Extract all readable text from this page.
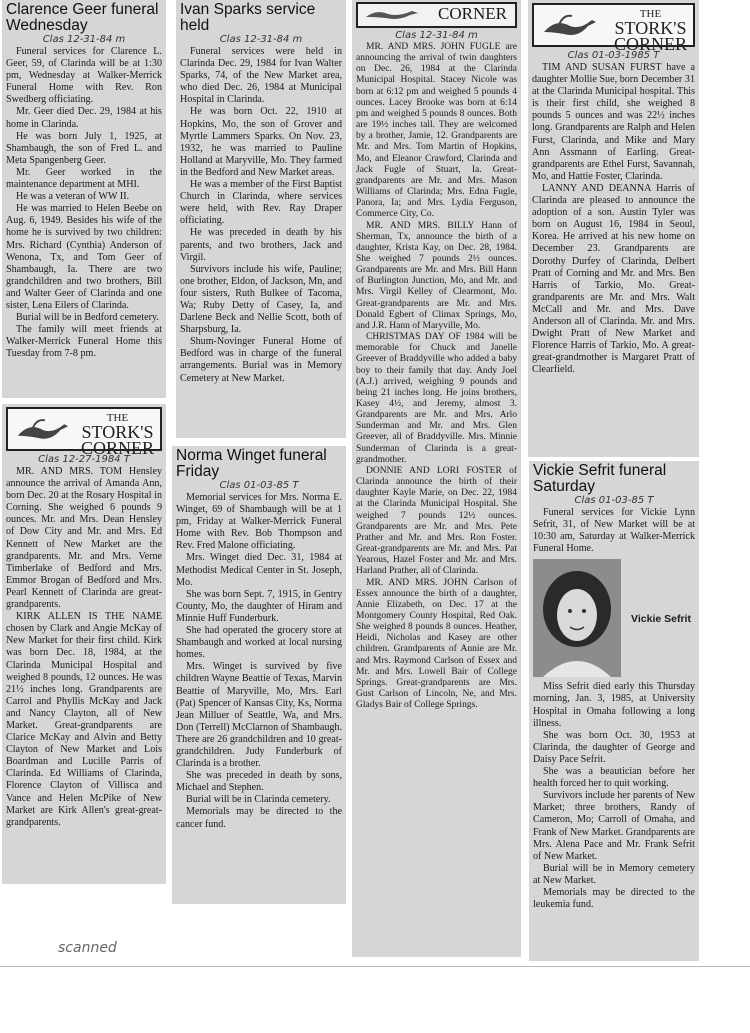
Clarence Geer funeral Wednesday
Clas 12-31-84 m

Funeral services for Clarence L. Geer, 59, of Clarinda will be at 1:30 pm, Wednesday at Walker-Merrick Funeral Home with Rev. Ron Swedberg officiating.

Mr. Geer died Dec. 29, 1984 at his home in Clarinda.

He was born July 1, 1925, at Shambaugh, the son of Fred L. and Meta Spangenberg Geer.

Mr. Geer worked in the maintenance department at MHI.

He was a veteran of WW II.

He was married to Helen Beebe on Aug. 6, 1949. Besides his wife of the home he is survived by two children: Mrs. Richard (Cynthia) Anderson of Wenona, Tx, and Tom Geer of Shambaugh, Ia. There are two grandchildren and two brothers, Bill and Walter Geer of Clarinda and one sister, Lena Eilers of Clarinda.

Burial will be in Bedford cemetery.

The family will meet friends at Walker-Merrick Funeral Home this Tuesday from 7-8 pm.

Ivan Sparks service held
Clas 12-31-84 m

Funeral services were held in Clarinda Dec. 29, 1984 for Ivan Walter Sparks, 74, of the New Market area, who died Dec. 26, 1984 at Municipal Hospital in Clarinda.

He was born Oct. 22, 1910 at Hopkins, Mo, the son of Grover and Myrtle Lammers Sparks. On Nov. 23, 1932, he was married to Pauline Holland at Maryville, Mo. They farmed in the Bedford and New Market areas.

He was a member of the First Baptist Church in Clarinda, where services were held, with Rev. Ray Draper officiating.

He was preceded in death by his parents, and two brothers, Jack and Virgil.

Survivors include his wife, Pauline; one brother, Eldon, of Jackson, Mn, and four sisters, Ruth Bulkee of Tacoma, Wa; Ruby Detty of Casey, Ia, and Darlene Beck and Nellie Scott, both of Sharpsburg, Ia.

Shum-Novinger Funeral Home of Bedford was in charge of the funeral arrangements. Burial was in Memory Cemetery at New Market.

CORNER
Clas 12-31-84 m

MR. AND MRS. JOHN FUGLE are announcing the arrival of twin daughters on Dec. 26, 1984 at the Clarinda Municipal Hospital. Stacey Nicole was born at 6:12 pm and weighed 5 pounds 4 ounces. Lacey Brooke was born at 6:14 pm and weighed 5 pounds 8 ounces. Both are 19½ inches tall. They are welcomed by a brother, Jamie, 12. Grandparents are Mr. and Mrs. Tom Martin of Hopkins, Mo, and Eleanor Crawford, Clarinda and Jack Fugle of Stuart, Ia. Great-grandparents are Mr. and Mrs. Mason Williams of Clarinda; Mrs. Edna Fugle, Panora, Ia; and Mrs. Lydia Ferguson, Commerce City, Co.

MR. AND MRS. BILLY Hann of Sherman, Tx, announce the birth of a daughter, Krista Kay, on Dec. 28, 1984. She weighed 7 pounds 2½ ounces. Grandparents are Mr. and Mrs. Bill Hann of Burlington Junction, Mo, and Mr. and Mrs. Virgil Kelley of Clearmont, Mo. Great-grandparents are Mr. and Mrs. Donald Egbert of Climax Springs, Mo, and J.R. Hann of Maryville, Mo.

CHRISTMAS DAY OF 1984 will be memorable for Chuck and Janelle Greever of Braddyville who added a baby boy to their family that day. Andy Joel (A.J.) arrived, weighing 9 pounds and being 21 inches long. He joins brothers, Kasey 4½, and Jeremy, almost 3. Grandparents are Mr. and Mrs. Arlo Sunderman and Mr. and Mrs. Glen Greever, all of Braddyville. Mrs. Minnie Sunderman of Clarinda is a great-grandmother.

DONNIE AND LORI FOSTER of Clarinda announce the birth of their daughter Kayle Marie, on Dec. 22, 1984 at the Clarinda Municipal Hospital. She weighed 7 pounds 12½ ounces. Grandparents are Mr. and Mrs. Pete Prather and Mr. and Mrs. Ron Foster. Great-grandparents are Mr. and Mrs. Pat Yearous, Hazel Foster and Mr. and Mrs. Harland Prather, all of Clarinda.

MR. AND MRS. JOHN Carlson of Essex announce the birth of a daughter, Annie Elizabeth, on Dec. 17 at the Montgomery County Hospital, Red Oak. She weighed 8 pounds 8 ounces. Heather, Heidi, Nicholas and Kasey are other children. Grandparents of Annie are Mr. and Mrs. Raymond Carlson of Essex and Mr. and Mrs. Lowell Bair of College Springs. Great-grandparents are Mrs. Gust Carlson of Lincoln, Ne, and Mrs. Gladys Bair of College Springs.

THE
STORK'S
CORNER
Clas 01-03-1985 T

TIM AND SUSAN FURST have a daughter Mollie Sue, born December 31 at the Clarinda Municipal hospital. This is their first child, she weighed 8 pounds 5 ounces and was 22½ inches long. Grandparents are Ralph and Helen Furst, Clarinda, and Mike and Mary Ann Assmann of Earling. Great-grandparents are Ethel Furst, Savannah, Mo, and Hattie Foster, Clarinda.

LANNY AND DEANNA Harris of Clarinda are pleased to announce the adoption of a son. Austin Tyler was born on August 16, 1984 in Seoul, Korea. He arrived at his new home on December 23. Grandparents are Dorothy Durfey of Clarinda, Delbert Pratt of Corning and Mr. and Mrs. Ben Harris of Tarkio, Mo. Great-grandparents are Mr. and Mrs. Walt McCall and Mr. and Mrs. Dave Anderson all of Clarinda. Mr. and Mrs. Dwight Pratt of New Market and Florence Harris of Tarkio, Mo. A great-great-grandmother is Margaret Pratt of Clearfield.

THE
STORK'S
CORNER
Clas 12-27-1984 T

MR. AND MRS. TOM Hensley announce the arrival of Amanda Ann, born Dec. 20 at the Rosary Hospital in Corning. She weighed 6 pounds 9 ounces. Mr. and Mrs. Dean Hensley of Dow City and Mr. and Mrs. Ed Kennett of New Market are the grandparents. Mr. and Mrs. Verne Timberlake of Bedford and Mrs. Emmor Brogan of Bedford and Mrs. Pearl Kennett of Clarinda are great-grandparents.

KIRK ALLEN IS THE NAME chosen by Clark and Angie McKay of New Market for their first child. Kirk was born Dec. 18, 1984, at the Clarinda Municipal Hospital and weighed 8 pounds, 12 ounces. He was 21½ inches long. Grandparents are Carrol and Phyllis McKay and Jack and Nancy Clayton, all of New Market. Great-grandparents are Clarice McKay and Alvin and Betty Clayton of New Market and Lois Boardman and Lucille Parris of Clarinda. Ed Williams of Clarinda, Florence Clayton of Villisca and Vance and Helen McPike of New Market are Kirk Allen's great-great-grandparents.

Norma Winget funeral Friday
Clas 01-03-85 T

Memorial services for Mrs. Norma E. Winget, 69 of Shambaugh will be at 1 pm, Friday at Walker-Merrick Funeral Home with Rev. Bob Thompson and Rev. Fred Malone officiating.

Mrs. Winget died Dec. 31, 1984 at Methodist Medical Center in St. Joseph, Mo.

She was born Sept. 7, 1915, in Gentry County, Mo, the daughter of Hiram and Minnie Huff Funderburk.

She had operated the grocery store at Shambaugh and worked at local nursing homes.

Mrs. Winget is survived by five children Wayne Beattie of Texas, Marvin Beattie of Maryville, Mo, Mrs. Earl (Pat) Spencer of Kansas City, Ks, Norma Jean Milluer of Seattle, Wa, and Mrs. Don (Terrell) McClarnon of Shambaugh. There are 26 grandchildren and 10 great-grandchildren. Judy Funderburk of Clarinda is a brother.

She was preceded in death by sons, Michael and Stephen.

Burial will be in Clarinda cemetery.

Memorials may be directed to the cancer fund.

Vickie Sefrit funeral Saturday
Clas 01-03-85 T

Funeral services for Vickie Lynn Sefrit, 31, of New Market will be at 10:30 am, Saturday at Walker-Merrick Funeral Home.

Vickie Sefrit

Miss Sefrit died early this Thursday morning, Jan. 3, 1985, at University Hospital in Omaha following a long illness.

She was born Oct. 30, 1953 at Clarinda, the daughter of George and Daisy Pace Sefrit.

She was a beautician before her health forced her to quit working.

Survivors include her parents of New Market; three brothers, Randy of Cameron, Mo; Carroll of Omaha, and Frank of New Market. Grandparents are Mrs. Alena Pace and Mr. Frank Sefrit of New Market.

Burial will be in Memory cemetery at New Market.

Memorials may be directed to the leukemia fund.

scanned
